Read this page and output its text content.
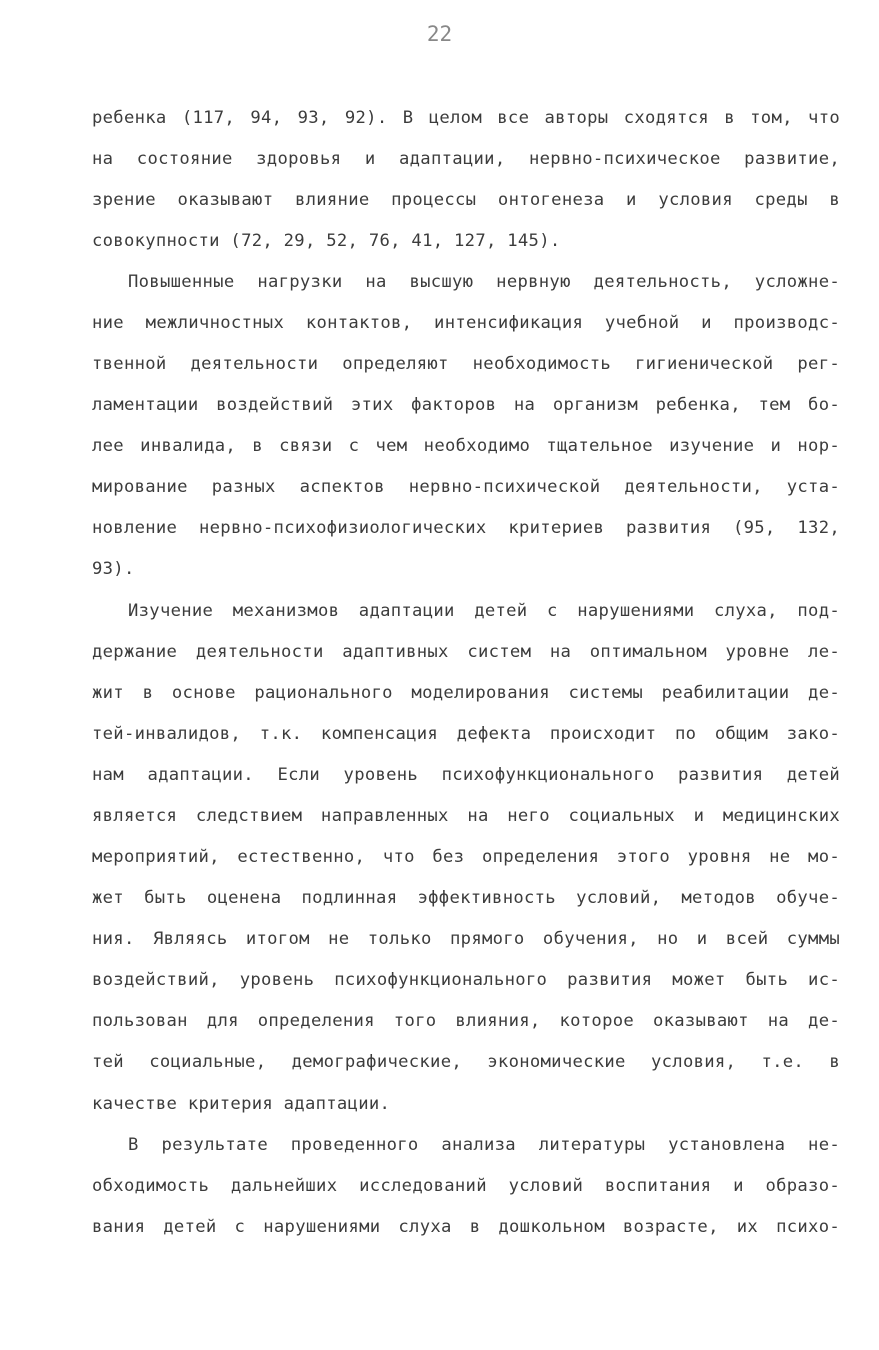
22
ребенка (117, 94, 93, 92). В целом все авторы сходятся в том, что
на состояние здоровья и адаптации, нервно-психическое развитие,
зрение оказывают влияние процессы онтогенеза и условия среды в
совокупности (72, 29, 52, 76, 41, 127, 145).
Повышенные нагрузки на высшую нервную деятельность, усложне-
ние межличностных контактов, интенсификация учебной и производс-
твенной деятельности определяют необходимость гигиенической рег-
ламентации воздействий этих факторов на организм ребенка, тем бо-
лее инвалида, в связи с чем необходимо тщательное изучение и нор-
мирование разных аспектов нервно-психической деятельности, уста-
новление нервно-психофизиологических критериев развития (95, 132,
93).
Изучение механизмов адаптации детей с нарушениями слуха, под-
держание деятельности адаптивных систем на оптимальном уровне ле-
жит в основе рационального моделирования системы реабилитации де-
тей-инвалидов, т.к. компенсация дефекта происходит по общим зако-
нам адаптации. Если уровень психофункционального развития детей
является следствием направленных на него социальных и медицинских
мероприятий, естественно, что без определения этого уровня не мо-
жет быть оценена подлинная эффективность условий, методов обуче-
ния. Являясь итогом не только прямого обучения, но и всей суммы
воздействий, уровень психофункционального развития может быть ис-
пользован для определения того влияния, которое оказывают на де-
тей социальные, демографические, экономические условия, т.е. в
качестве критерия адаптации.
В результате проведенного анализа литературы установлена не-
обходимость дальнейших исследований условий воспитания и образо-
вания детей с нарушениями слуха в дошкольном возрасте, их психо-
